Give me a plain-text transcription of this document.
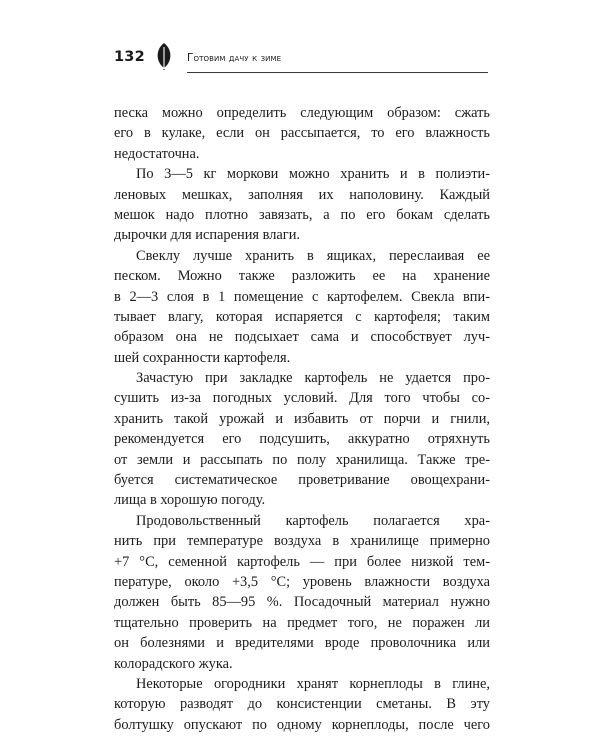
132	Готовим дачу к зиме
песка можно определить следующим образом: сжать
его в кулаке, если он рассыпается, то его влажность
недостаточна.
По 3—5 кг моркови можно хранить и в полиэти-
леновых мешках, заполняя их наполовину. Каждый
мешок надо плотно завязать, а по его бокам сделать
дырочки для испарения влаги.
Свеклу лучше хранить в ящиках, переслаивая ее
песком. Можно также разложить ее на хранение
в 2—3 слоя в 1 помещение с картофелем. Свекла впи-
тывает влагу, которая испаряется с картофеля; таким
образом она не подсыхает сама и способствует луч-
шей сохранности картофеля.
Зачастую при закладке картофель не удается про-
сушить из-за погодных условий. Для того чтобы со-
хранить такой урожай и избавить от порчи и гнили,
рекомендуется его подсушить, аккуратно отряхнуть
от земли и рассыпать по полу хранилища. Также тре-
буется систематическое проветривание овощехрани-
лища в хорошую погоду.
Продовольственный картофель полагается хра-
нить при температуре воздуха в хранилище примерно
+7 °С, семенной картофель — при более низкой тем-
пературе, около +3,5 °С; уровень влажности воздуха
должен быть 85—95 %. Посадочный материал нужно
тщательно проверить на предмет того, не поражен ли
он болезнями и вредителями вроде проволочника или
колорадского жука.
Некоторые огородники хранят корнеплоды в глине,
которую разводят до консистенции сметаны. В эту
болтушку опускают по одному корнеплоды, после чего
